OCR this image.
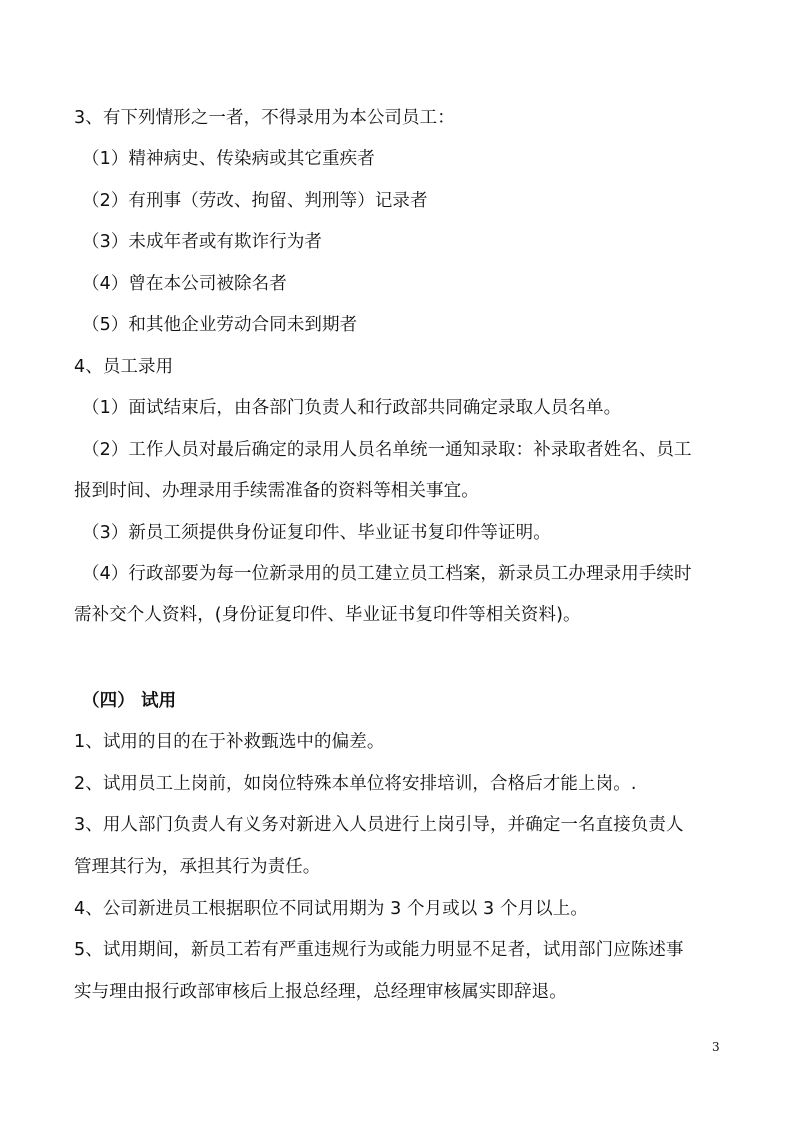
3、有下列情形之一者，不得录用为本公司员工：
（1）精神病史、传染病或其它重疾者
（2）有刑事（劳改、拘留、判刑等）记录者
（3）未成年者或有欺诈行为者
（4）曾在本公司被除名者
（5）和其他企业劳动合同未到期者
4、员工录用
（1）面试结束后，由各部门负责人和行政部共同确定录取人员名单。
（2）工作人员对最后确定的录用人员名单统一通知录取：补录取者姓名、员工
报到时间、办理录用手续需准备的资料等相关事宜。
（3）新员工须提供身份证复印件、毕业证书复印件等证明。
（4）行政部要为每一位新录用的员工建立员工档案，新录员工办理录用手续时
需补交个人资料，(身份证复印件、毕业证书复印件等相关资料)。
（四） 试用
1、试用的目的在于补救甄选中的偏差。
2、试用员工上岗前，如岗位特殊本单位将安排培训，合格后才能上岗。.
3、用人部门负责人有义务对新进入人员进行上岗引导，并确定一名直接负责人
管理其行为，承担其行为责任。
4、公司新进员工根据职位不同试用期为 3 个月或以 3 个月以上。
5、试用期间，新员工若有严重违规行为或能力明显不足者，试用部门应陈述事
实与理由报行政部审核后上报总经理，总经理审核属实即辞退。
3
